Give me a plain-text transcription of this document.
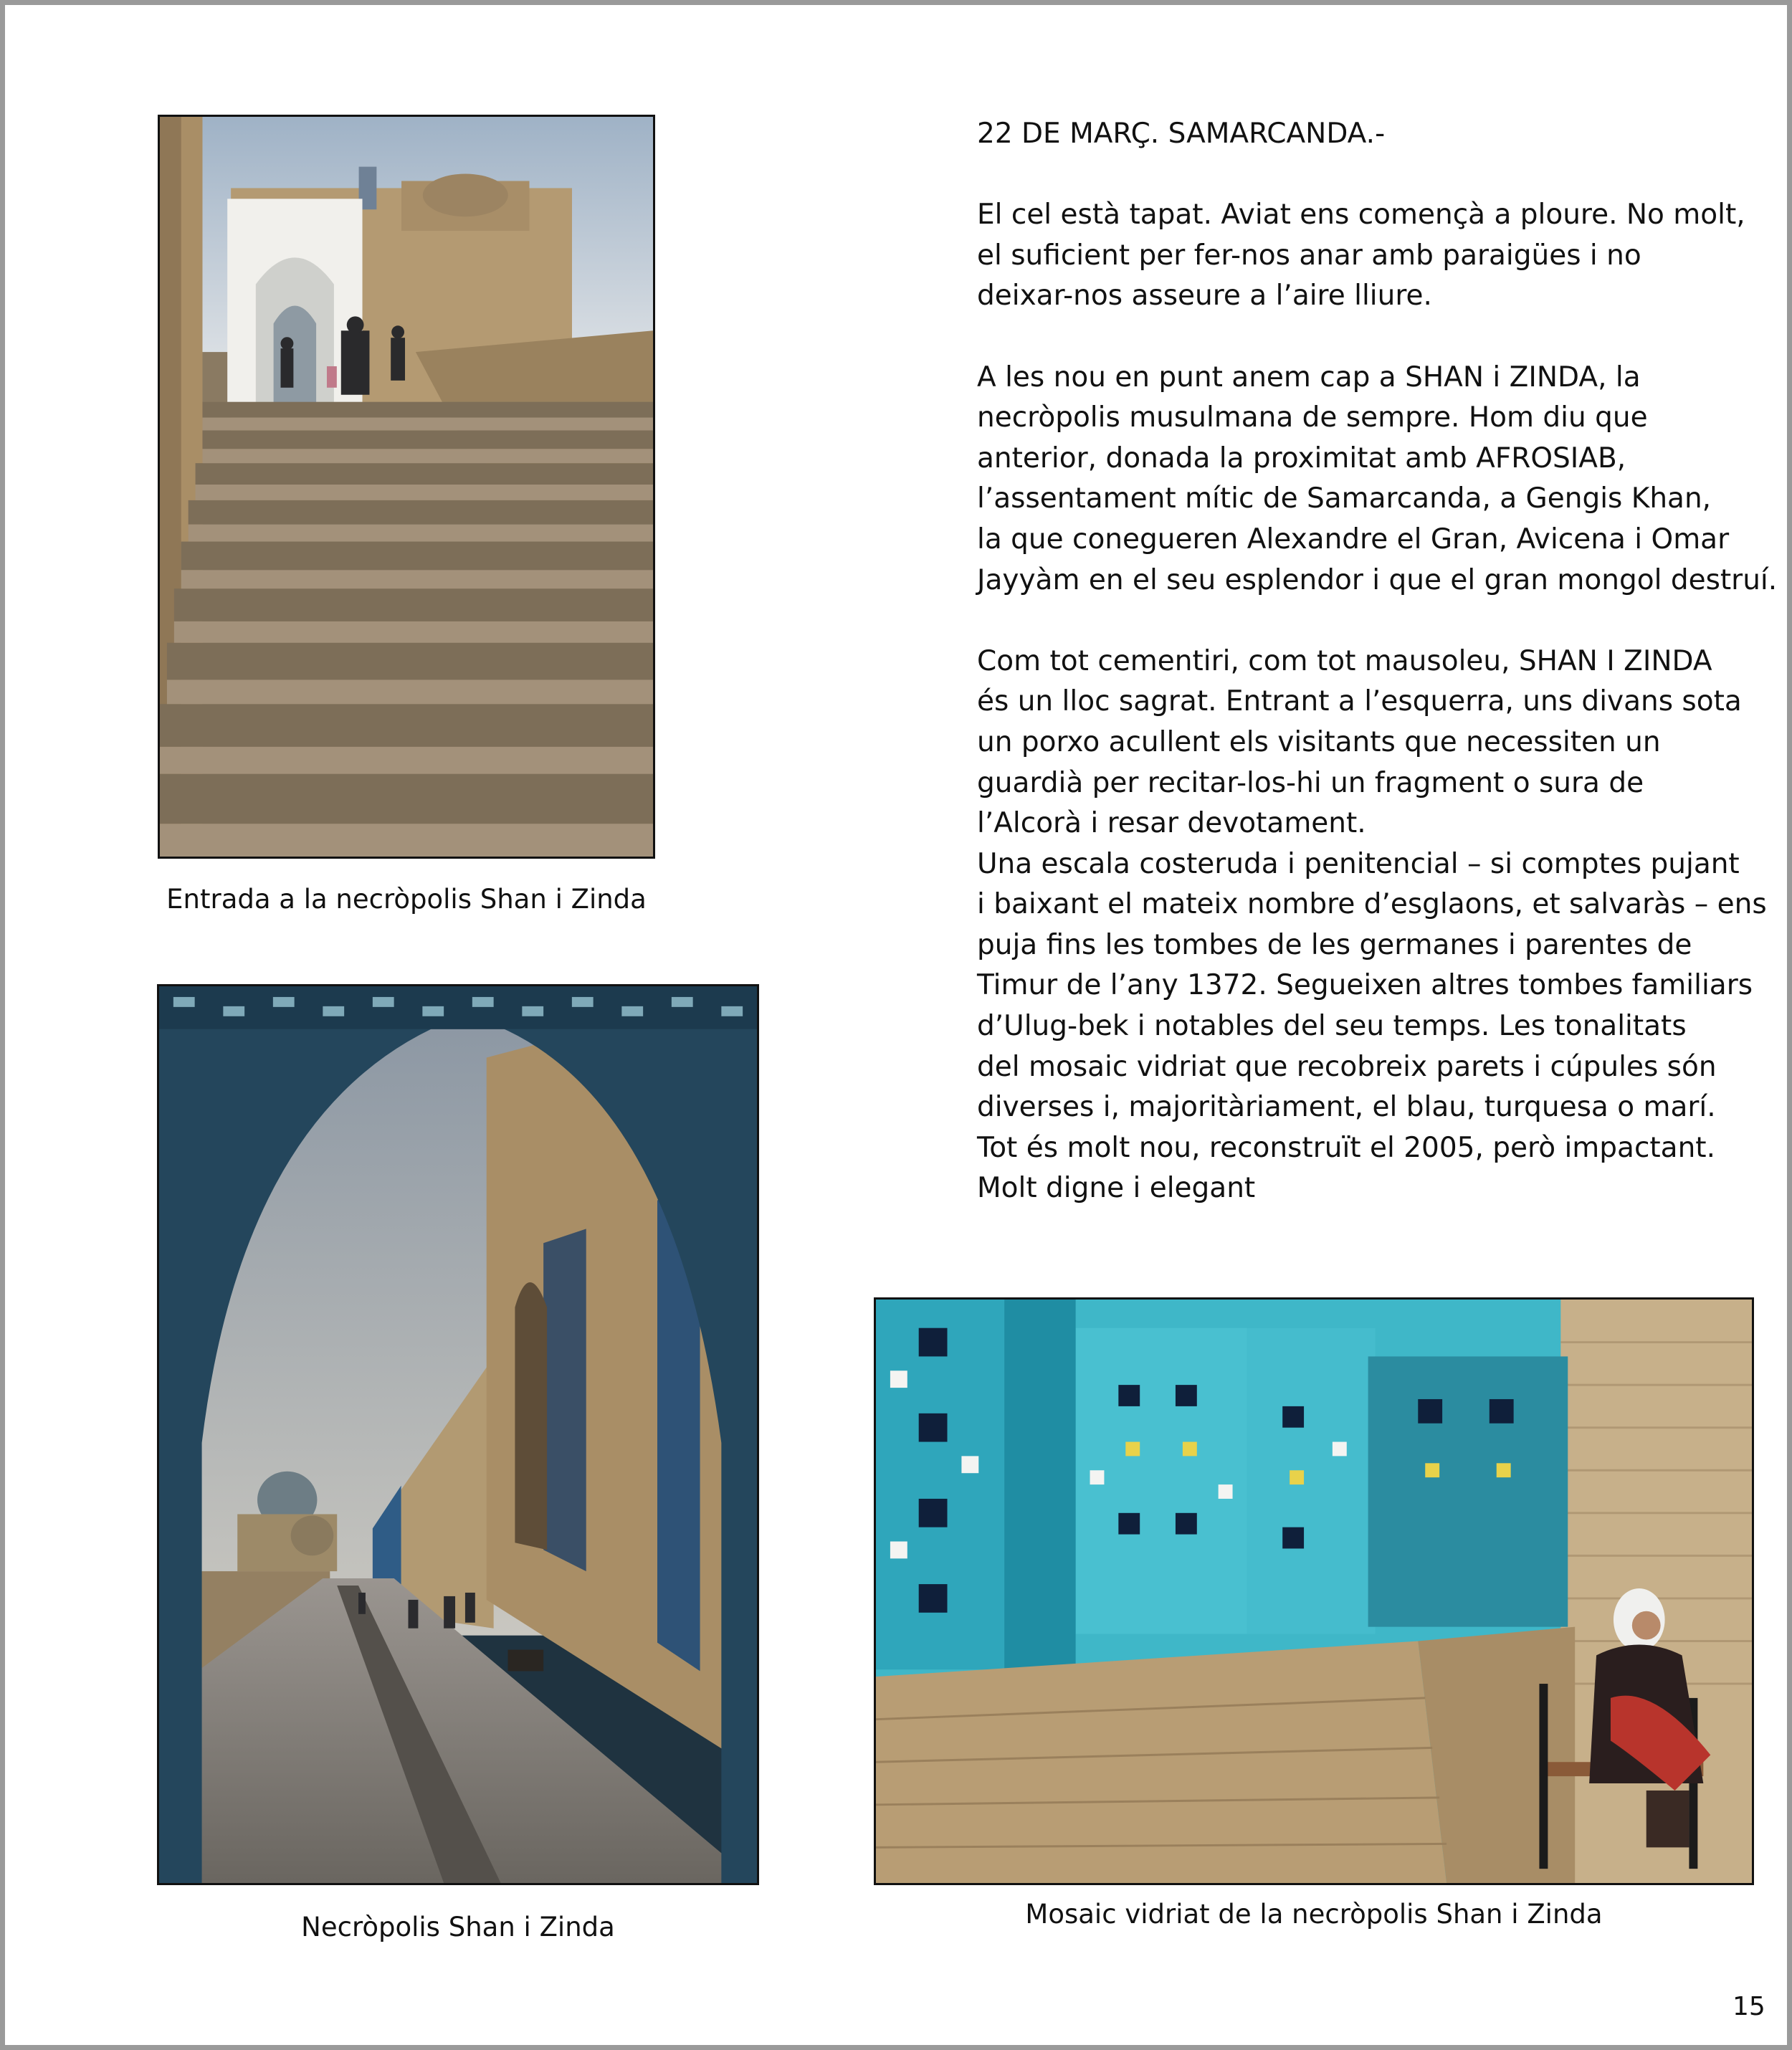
Entrada a la necròpolis Shan i Zinda
Necròpolis Shan i Zinda	Mosaic vidriat de la necròpolis Shan i Zinda

22 DE MARÇ. SAMARCANDA.-

El cel està tapat. Aviat ens començà a ploure. No molt,
el suficient per fer-nos anar amb paraigües i no
deixar-nos asseure a l’aire lliure.

A les nou en punt anem cap a SHAN i ZINDA, la
necròpolis musulmana de sempre. Hom diu que
anterior, donada la proximitat amb AFROSIAB,
l’assentament mític de Samarcanda, a Gengis Khan,
la que conegueren Alexandre el Gran, Avicena i Omar
Jayyàm en el seu esplendor i que el gran mongol destruí.

Com tot cementiri, com tot mausoleu, SHAN I ZINDA
és un lloc sagrat. Entrant a l’esquerra, uns divans sota
un porxo acullent els visitants que necessiten un
guardià per recitar-los-hi un fragment o sura de
l’Alcorà i resar devotament.

Una escala costeruda i penitencial – si comptes pujant
i baixant el mateix nombre d’esglaons, et salvaràs – ens
puja fins les tombes de les germanes i parentes de
Timur de l’any 1372. Segueixen altres tombes familiars
d’Ulug-bek i notables del seu temps. Les tonalitats
del mosaic vidriat que recobreix parets i cúpules són
diverses i, majoritàriament, el blau, turquesa o marí.
Tot és molt nou, reconstruït el 2005, però impactant.
Molt digne i elegant

15
